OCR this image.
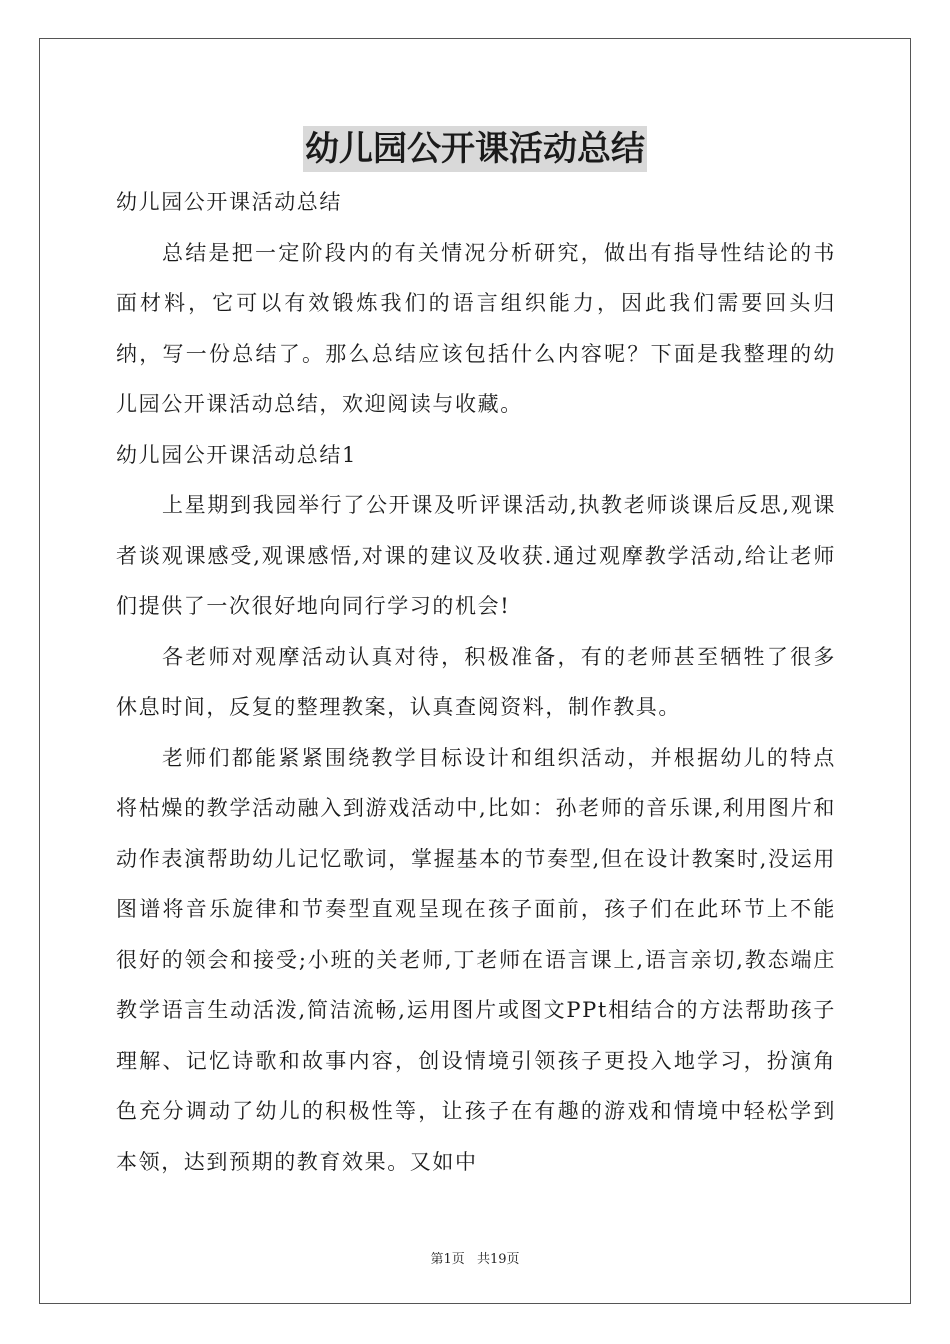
幼儿园公开课活动总结

幼儿园公开课活动总结

总结是把一定阶段内的有关情况分析研究，做出有指导性结论的书面材料，它可以有效锻炼我们的语言组织能力，因此我们需要回头归纳，写一份总结了。那么总结应该包括什么内容呢？下面是我整理的幼儿园公开课活动总结，欢迎阅读与收藏。

幼儿园公开课活动总结1

上星期到我园举行了公开课及听评课活动,执教老师谈课后反思,观课者谈观课感受,观课感悟,对课的建议及收获.通过观摩教学活动,给让老师们提供了一次很好地向同行学习的机会!

各老师对观摩活动认真对待，积极准备，有的老师甚至牺牲了很多休息时间，反复的整理教案，认真查阅资料，制作教具。

老师们都能紧紧围绕教学目标设计和组织活动，并根据幼儿的特点将枯燥的教学活动融入到游戏活动中,比如：孙老师的音乐课,利用图片和动作表演帮助幼儿记忆歌词，掌握基本的节奏型,但在设计教案时,没运用图谱将音乐旋律和节奏型直观呈现在孩子面前，孩子们在此环节上不能很好的领会和接受;小班的关老师,丁老师在语言课上,语言亲切,教态端庄教学语言生动活泼,简洁流畅,运用图片或图文PPt相结合的方法帮助孩子理解、记忆诗歌和故事内容，创设情境引领孩子更投入地学习，扮演角色充分调动了幼儿的积极性等，让孩子在有趣的游戏和情境中轻松学到本领，达到预期的教育效果。又如中

第1页 共19页
